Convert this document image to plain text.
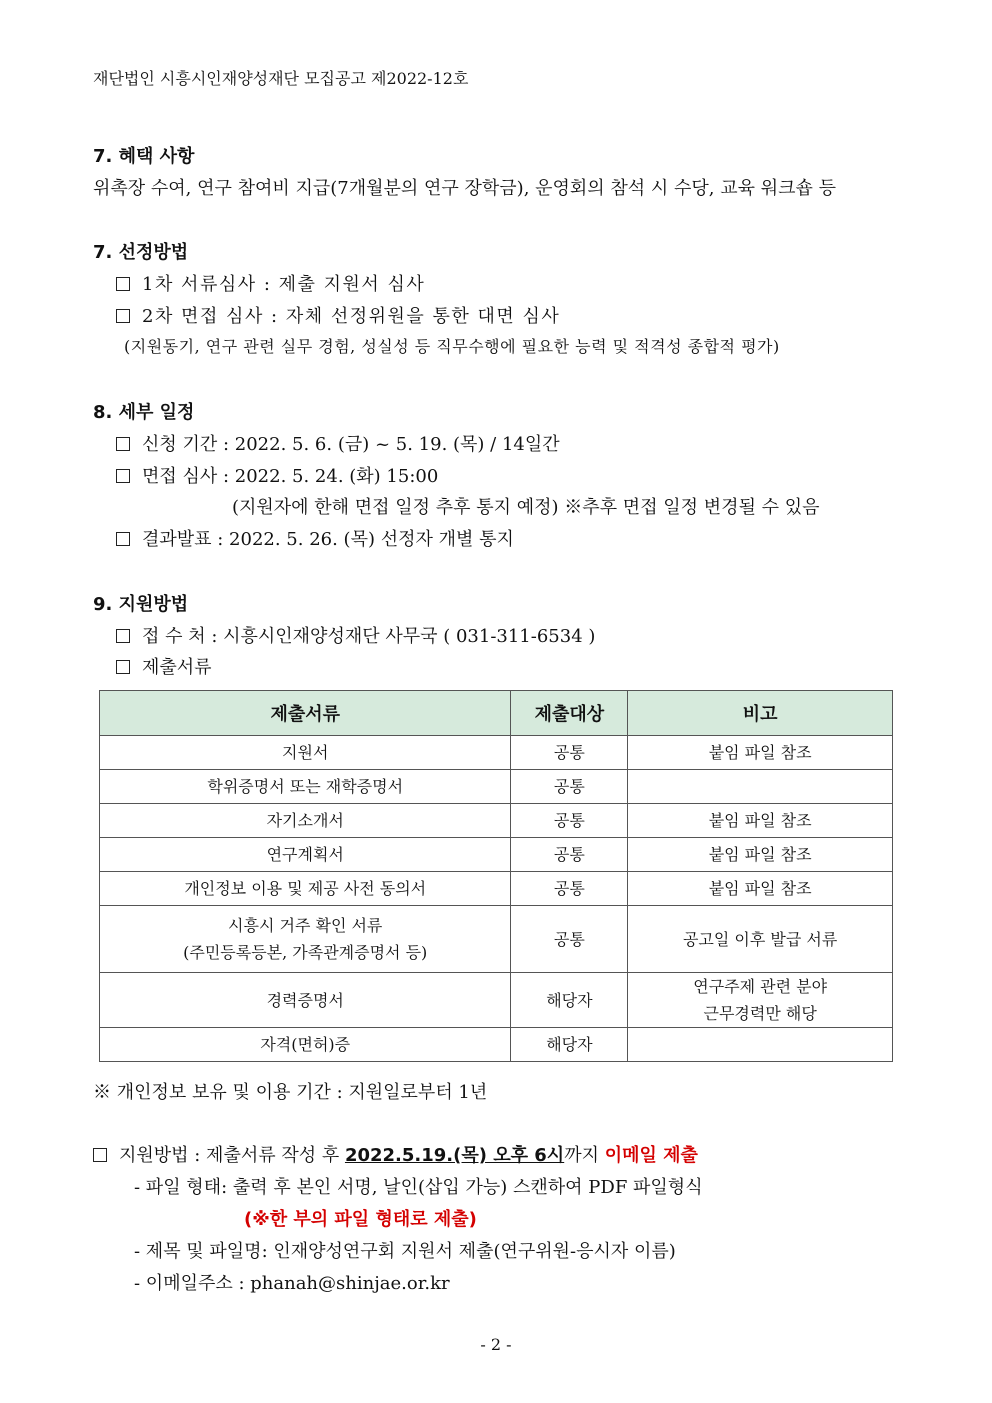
재단법인 시흥시인재양성재단 모집공고 제2022-12호
7. 혜택 사항
위촉장 수여, 연구 참여비 지급(7개월분의 연구 장학금), 운영회의 참석 시 수당, 교육 워크숍 등
7. 선정방법
1차 서류심사 : 제출 지원서 심사
2차 면접 심사 : 자체 선정위원을 통한 대면 심사
(지원동기, 연구 관련 실무 경험, 성실성 등 직무수행에 필요한 능력 및 적격성 종합적 평가)
8. 세부 일정
신청 기간 : 2022. 5. 6. (금) ~ 5. 19. (목) / 14일간
면접 심사 : 2022. 5. 24. (화) 15:00
(지원자에 한해 면접 일정 추후 통지 예정) ※추후 면접 일정 변경될 수 있음
결과발표 : 2022. 5. 26. (목) 선정자 개별 통지
9. 지원방법
접 수 처 : 시흥시인재양성재단 사무국 ( 031-311-6534 )
제출서류
제출서류	제출대상	비고
지원서	공통	붙임 파일 참조
학위증명서 또는 재학증명서	공통	
자기소개서	공통	붙임 파일 참조
연구계획서	공통	붙임 파일 참조
개인정보 이용 및 제공 사전 동의서	공통	붙임 파일 참조

시흥시 거주 확인 서류
(주민등록등본, 가족관계증명서 등)	공통	공고일 이후 발급 서류
경력증명서	해당자	연구주제 관련 분야
근무경력만 해당

자격(면허)증	해당자	
※ 개인정보 보유 및 이용 기간 : 지원일로부터 1년
지원방법 : 제출서류 작성 후 2022.5.19.(목) 오후 6시까지 이메일 제출
- 파일 형태: 출력 후 본인 서명, 날인(삽입 가능) 스캔하여 PDF 파일형식
(※한 부의 파일 형태로 제출)
- 제목 및 파일명: 인재양성연구회 지원서 제출(연구위원-응시자 이름)
- 이메일주소 : phanah@shinjae.or.kr
- 2 -
